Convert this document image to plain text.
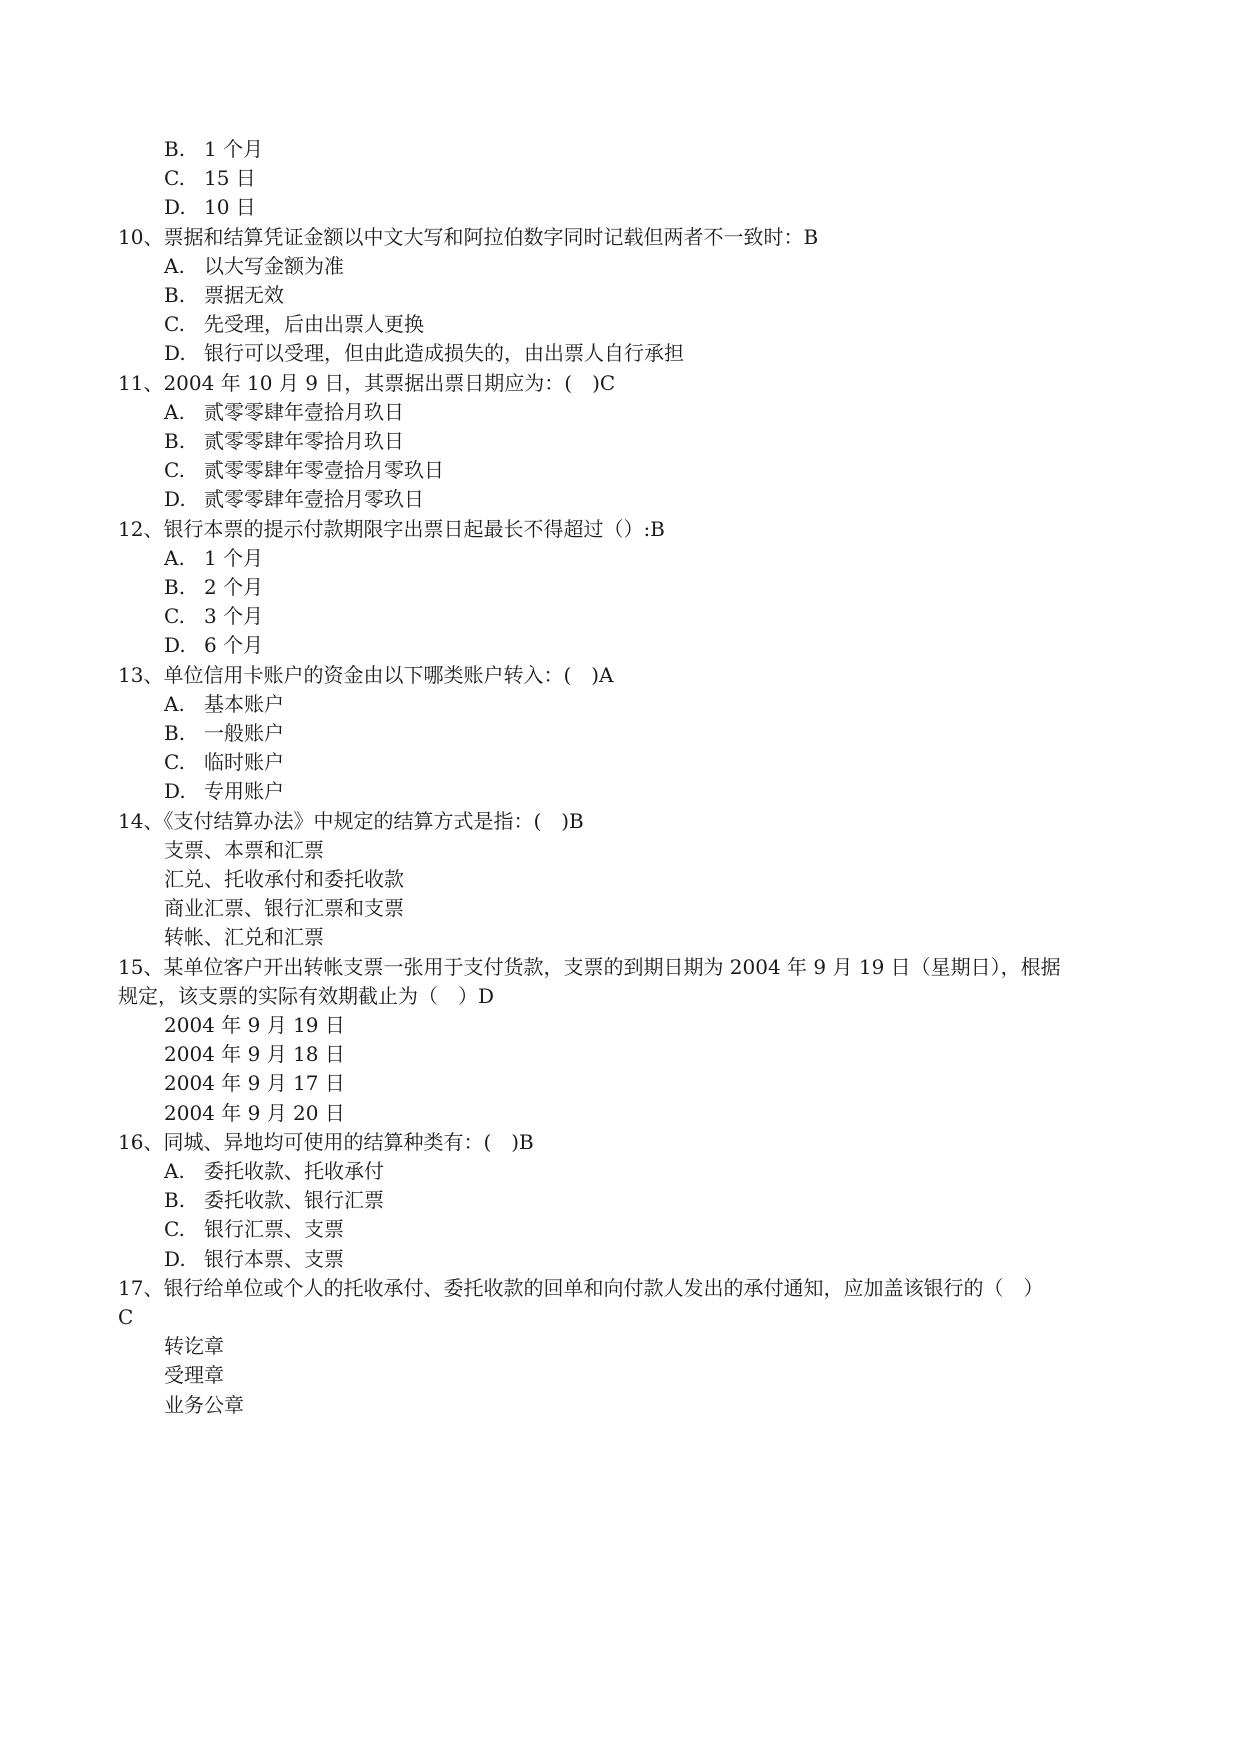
B. 1 个月
C. 15 日
D. 10 日
10、票据和结算凭证金额以中文大写和阿拉伯数字同时记载但两者不一致时：B
A. 以大写金额为准
B. 票据无效
C. 先受理，后由出票人更换
D. 银行可以受理，但由此造成损失的，由出票人自行承担
11、2004 年 10 月 9 日，其票据出票日期应为：(　)C
A. 贰零零肆年壹拾月玖日
B. 贰零零肆年零拾月玖日
C. 贰零零肆年零壹拾月零玖日
D. 贰零零肆年壹拾月零玖日
12、银行本票的提示付款期限字出票日起最长不得超过（）:B
A. 1 个月
B. 2 个月
C. 3 个月
D. 6 个月
13、单位信用卡账户的资金由以下哪类账户转入：(　)A
A. 基本账户
B. 一般账户
C. 临时账户
D. 专用账户
14、《支付结算办法》中规定的结算方式是指：(　)B
支票、本票和汇票
汇兑、托收承付和委托收款
商业汇票、银行汇票和支票
转帐、汇兑和汇票
15、某单位客户开出转帐支票一张用于支付货款，支票的到期日期为 2004 年 9 月 19 日（星期日），根据
规定，该支票的实际有效期截止为（　）D
2004 年 9 月 19 日
2004 年 9 月 18 日
2004 年 9 月 17 日
2004 年 9 月 20 日
16、同城、异地均可使用的结算种类有：(　)B
A. 委托收款、托收承付
B. 委托收款、银行汇票
C. 银行汇票、支票
D. 银行本票、支票
17、银行给单位或个人的托收承付、委托收款的回单和向付款人发出的承付通知，应加盖该银行的（　）
C
转讫章
受理章
业务公章
